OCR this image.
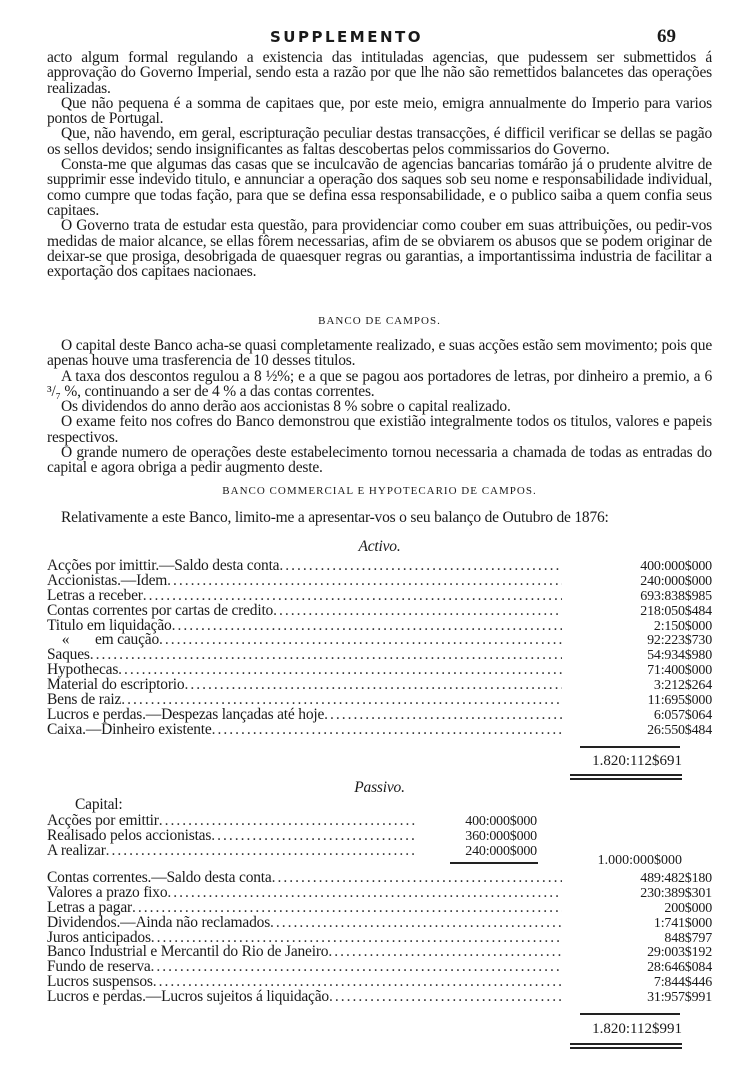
SUPPLEMENTO	69

acto algum formal regulando a existencia das intituladas agencias, que pudessem ser submettidos á approvação do Governo Imperial, sendo esta a razão por que lhe não são remettidos balancetes das operações realizadas.

Que não pequena é a somma de capitaes que, por este meio, emigra annualmente do Imperio para varios pontos de Portugal.

Que, não havendo, em geral, escripturação peculiar destas transacções, é difficil verificar se dellas se pagão os sellos devidos; sendo insignificantes as faltas descobertas pelos commissarios do Governo.

Consta-me que algumas das casas que se inculcavão de agencias bancarias tomárão já o prudente alvitre de supprimir esse indevido titulo, e annunciar a operação dos saques sob seu nome e responsabilidade individual, como cumpre que todas fação, para que se defina essa responsabilidade, e o publico saiba a quem confia seus capitaes.

O Governo trata de estudar esta questão, para providenciar como couber em suas attribuições, ou pedir-vos medidas de maior alcance, se ellas fôrem necessarias, afim de se obviarem os abusos que se podem originar de deixar-se que prosiga, desobrigada de quaesquer regras ou garantias, a importantissima industria de facilitar a exportação dos capitaes nacionaes.

BANCO DE CAMPOS.

O capital deste Banco acha-se quasi completamente realizado, e suas acções estão sem movimento; pois que apenas houve uma trasferencia de 10 desses titulos.

A taxa dos descontos regulou a 8 ½%; e a que se pagou aos portadores de letras, por dinheiro a premio, a 6 ³/₇ %, continuando a ser de 4 % a das contas correntes.

Os dividendos do anno derão aos accionistas 8 % sobre o capital realizado.

O exame feito nos cofres do Banco demonstrou que existião integralmente todos os titulos, valores e papeis respectivos.

O grande numero de operações deste estabelecimento tornou necessaria a chamada de todas as entradas do capital e agora obriga a pedir augmento deste.

BANCO COMMERCIAL E HYPOTECARIO DE CAMPOS.

Relativamente a este Banco, limito-me a apresentar-vos o seu balanço de Outubro de 1876:

Activo.
Acções por imittir.—Saldo desta conta .....	400:000$000
Accionistas.—Idem .....	240:000$000
Letras a receber .....	693:838$985
Contas correntes por cartas de credito .....	218:050$484
Titulo em liquidação .....	2:150$000
«       em caução .....	92:223$730
Saques .....	54:934$980
Hypothecas .....	71:400$000
Material do escriptorio .....	3:212$264
Bens de raiz .....	11:695$000
Lucros e perdas.—Despezas lançadas até hoje .....	6:057$064
Caixa.—Dinheiro existente .....	26:550$484
1.820:112$691
Passivo.
Capital:
Acções por emittir .....	400:000$000
Realisado pelos accionistas .....	360:000$000
A realizar .....	240:000$000
1.000:000$000
Contas correntes.—Saldo desta conta .....	489:482$180
Valores a prazo fixo .....	230:389$301
Letras a pagar .....	200$000
Dividendos.—Ainda não reclamados .....	1:741$000
Juros anticipados .....	848$797
Banco Industrial e Mercantil do Rio de Janeiro .....	29:003$192
Fundo de reserva .....	28:646$084
Lucros suspensos .....	7:844$446
Lucros e perdas.—Lucros sujeitos á liquidação .....	31:957$991
1.820:112$991
